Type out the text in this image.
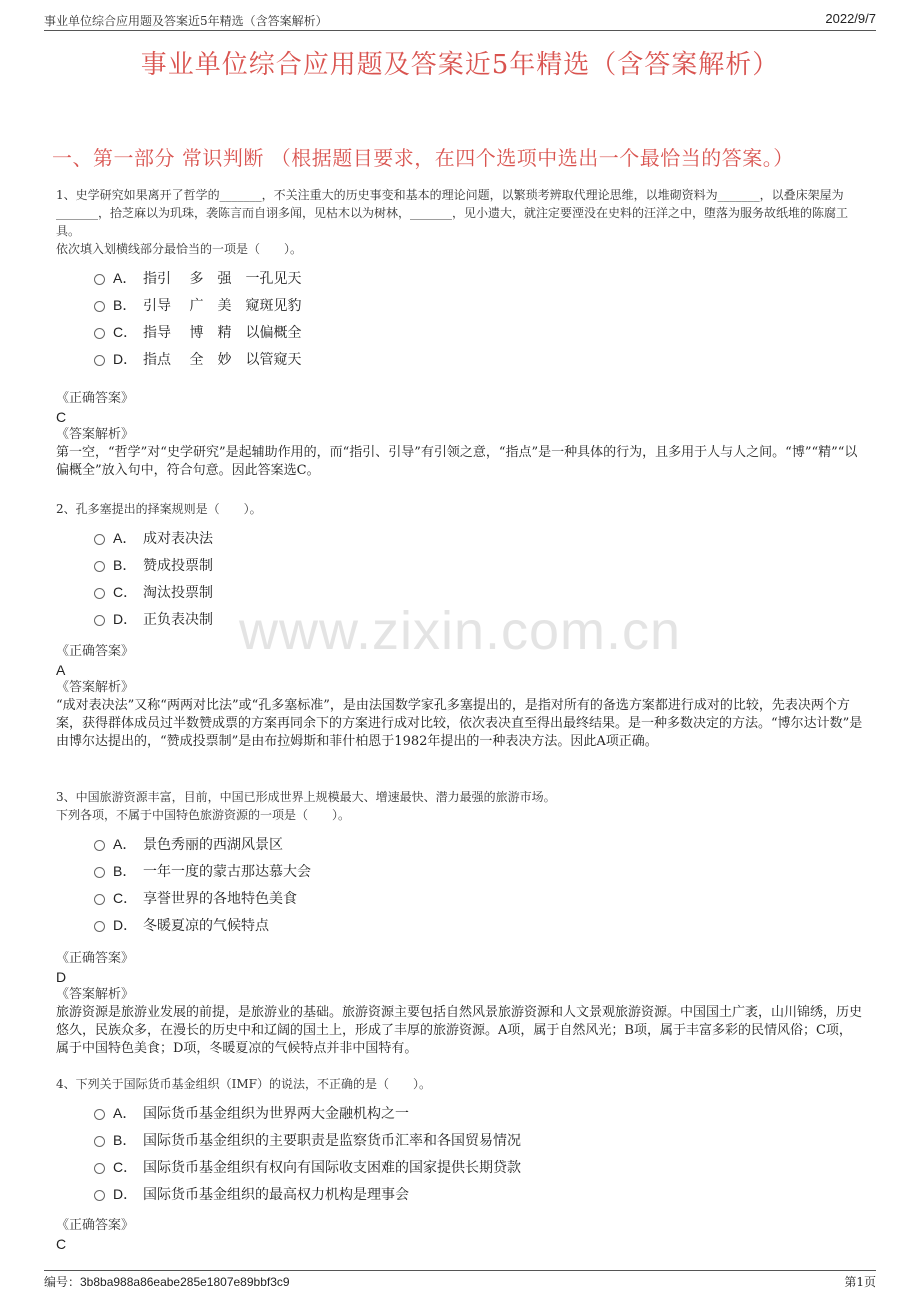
事业单位综合应用题及答案近5年精选（含答案解析）	2022/9/7
事业单位综合应用题及答案近5年精选（含答案解析）
一、第一部分 常识判断 （根据题目要求，在四个选项中选出一个最恰当的答案。）
www.zixin.com.cn

1、史学研究如果离开了哲学的_______，不关注重大的历史事变和基本的理论问题，以繁琐考辨取代理论思维，以堆砌资料为_______，以叠床架屋为_______，拾芝麻以为玑珠，袭陈言而自诩多闻，见枯木以为树林，_______，见小遗大，就注定要湮没在史料的汪洋之中，堕落为服务故纸堆的陈腐工具。

依次填入划横线部分最恰当的一项是（　　）。

A． 指引　 多　强　一孔见天
B． 引导　 广　美　窥斑见豹
C． 指导　 博　精　以偏概全
D． 指点　 全　妙　以管窥天
《正确答案》
C
《答案解析》

第一空，“哲学”对“史学研究”是起辅助作用的，而“指引、引导”有引领之意，“指点”是一种具体的行为，且多用于人与人之间。“博”“精”“以偏概全”放入句中，符合句意。因此答案选C。

2、孔多塞提出的择案规则是（　　）。

A． 成对表决法
B． 赞成投票制
C． 淘汰投票制
D． 正负表决制
《正确答案》
A
《答案解析》

“成对表决法”又称“两两对比法”或“孔多塞标准”，是由法国数学家孔多塞提出的，是指对所有的备选方案都进行成对的比较，先表决两个方案，获得群体成员过半数赞成票的方案再同余下的方案进行成对比较，依次表决直至得出最终结果。是一种多数决定的方法。“博尔达计数”是由博尔达提出的，“赞成投票制”是由布拉姆斯和菲什柏恩于1982年提出的一种表决方法。因此A项正确。

3、中国旅游资源丰富，目前，中国已形成世界上规模最大、增速最快、潜力最强的旅游市场。

下列各项，不属于中国特色旅游资源的一项是（　　）。

A． 景色秀丽的西湖风景区
B． 一年一度的蒙古那达慕大会
C． 享誉世界的各地特色美食
D． 冬暖夏凉的气候特点
《正确答案》
D
《答案解析》

旅游资源是旅游业发展的前提，是旅游业的基础。旅游资源主要包括自然风景旅游资源和人文景观旅游资源。中国国土广袤，山川锦绣，历史悠久，民族众多，在漫长的历史中和辽阔的国土上，形成了丰厚的旅游资源。A项，属于自然风光；B项，属于丰富多彩的民情风俗；C项，属于中国特色美食；D项，冬暖夏凉的气候特点并非中国特有。

4、下列关于国际货币基金组织（IMF）的说法，不正确的是（　　）。

A． 国际货币基金组织为世界两大金融机构之一
B． 国际货币基金组织的主要职责是监察货币汇率和各国贸易情况
C． 国际货币基金组织有权向有国际收支困难的国家提供长期贷款
D． 国际货币基金组织的最高权力机构是理事会
《正确答案》
C
编号：3b8ba988a86eabe285e1807e89bbf3c9	第1页
